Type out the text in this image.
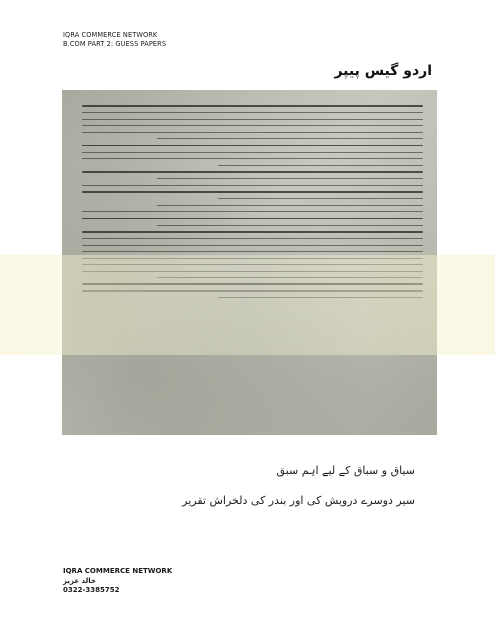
IQRA COMMERCE NETWORK
B.COM PART 2: GUESS PAPERS
اردو گیس پیپر
سیاق و سباق کے لیے اہم سبق
سیر دوسرے درویش کی اور بندر کی دلخراش تقریر
IQRA COMMERCE NETWORK
خالد عزیز
0322-3385752
